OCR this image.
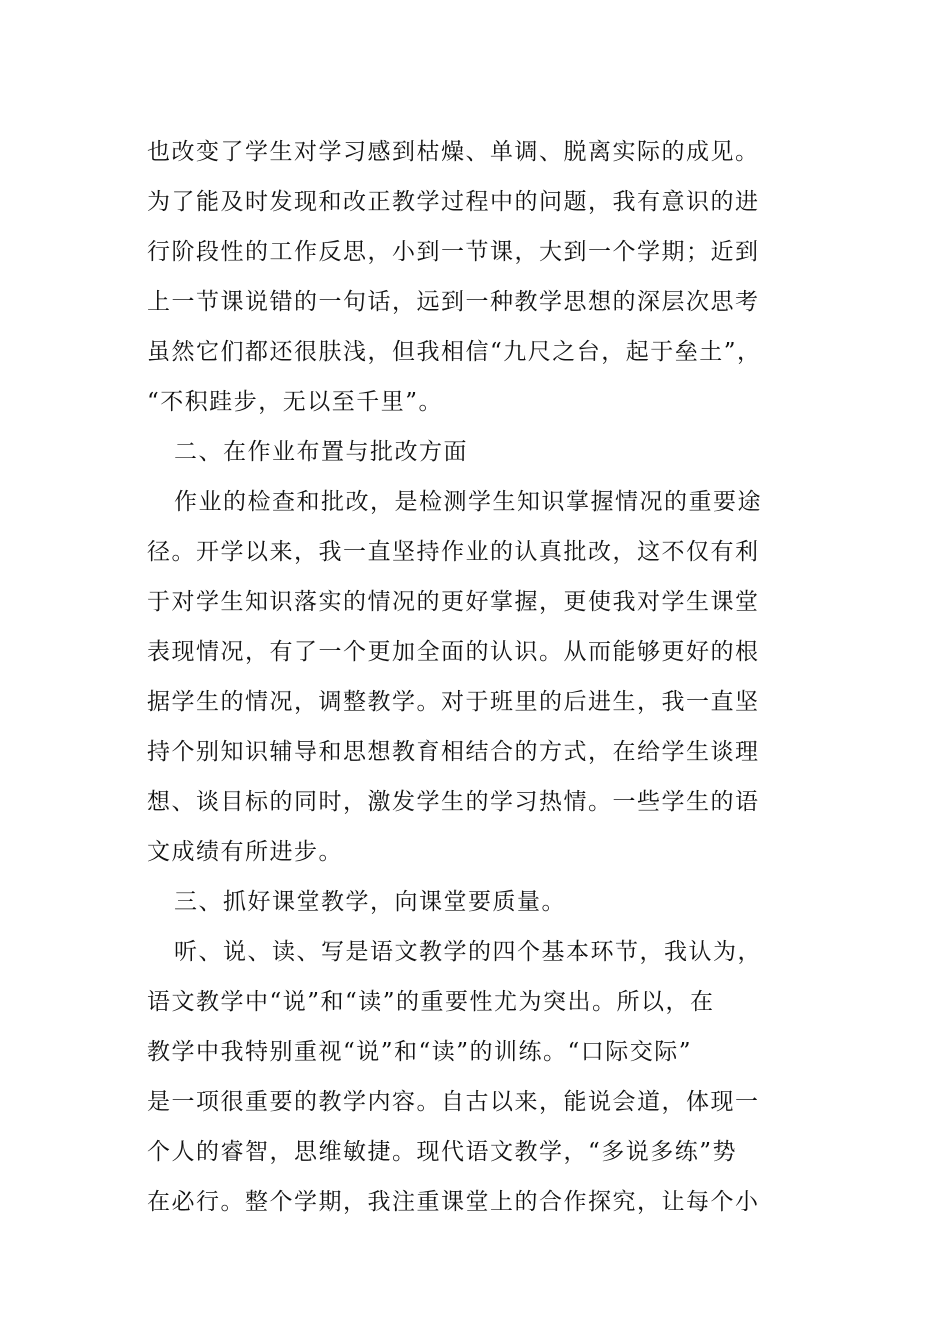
也改变了学生对学习感到枯燥、单调、脱离实际的成见。
为了能及时发现和改正教学过程中的问题，我有意识的进
行阶段性的工作反思，小到一节课，大到一个学期；近到
上一节课说错的一句话，远到一种教学思想的深层次思考
虽然它们都还很肤浅，但我相信“九尺之台，起于垒土”，
“不积跬步，无以至千里”。
二、在作业布置与批改方面
作业的检查和批改，是检测学生知识掌握情况的重要途
径。开学以来，我一直坚持作业的认真批改，这不仅有利
于对学生知识落实的情况的更好掌握，更使我对学生课堂
表现情况，有了一个更加全面的认识。从而能够更好的根
据学生的情况，调整教学。对于班里的后进生，我一直坚
持个别知识辅导和思想教育相结合的方式，在给学生谈理
想、谈目标的同时，激发学生的学习热情。一些学生的语
文成绩有所进步。
三、抓好课堂教学，向课堂要质量。
听、说、读、写是语文教学的四个基本环节，我认为，
语文教学中“说”和“读”的重要性尤为突出。所以，在
教学中我特别重视“说”和“读”的训练。“口际交际”
是一项很重要的教学内容。自古以来，能说会道，体现一
个人的睿智，思维敏捷。现代语文教学，“多说多练”势
在必行。整个学期，我注重课堂上的合作探究，让每个小
